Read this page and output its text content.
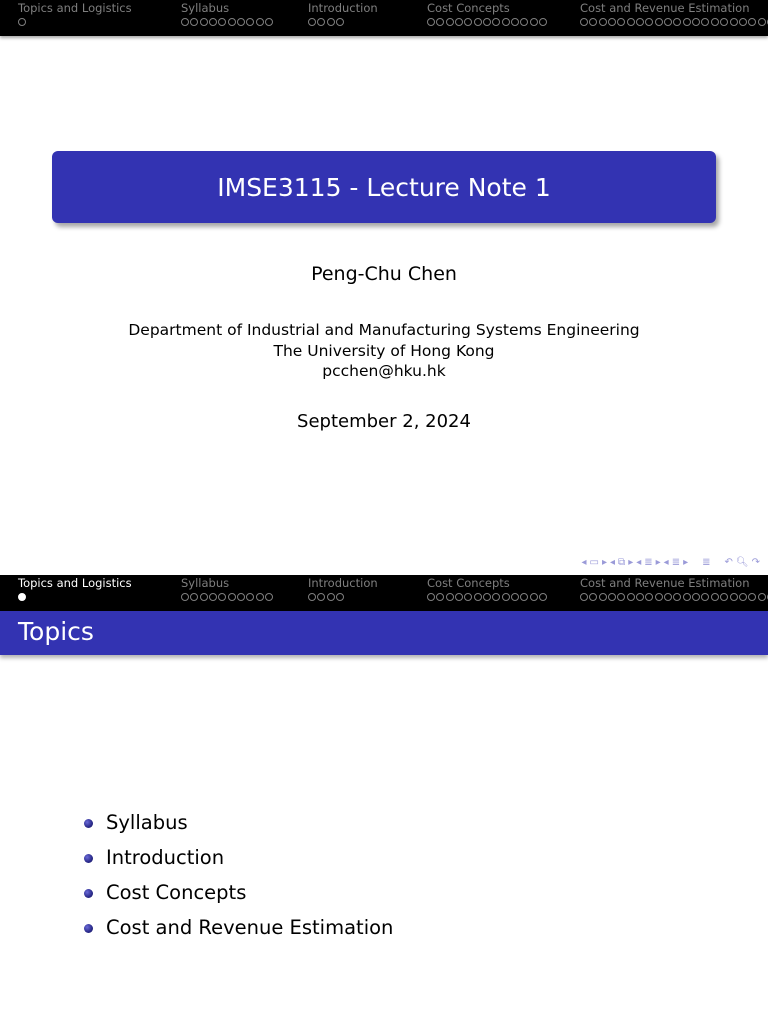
Topics and Logistics	Syllabus	Introduction	Cost Concepts	Cost and Revenue Estimation
IMSE3115 - Lecture Note 1
Peng-Chu Chen
Department of Industrial and Manufacturing Systems Engineering
The University of Hong Kong
pcchen@hku.hk
September 2, 2024
◂ ▭ ▸ ◂ ⧉ ▸ ◂ ≣ ▸ ◂ ≣ ▸ ≣ ↶ 🔍︎ ↷
Topics and Logistics	Syllabus	Introduction	Cost Concepts	Cost and Revenue Estimation
Topics
Syllabus
Introduction
Cost Concepts
Cost and Revenue Estimation
